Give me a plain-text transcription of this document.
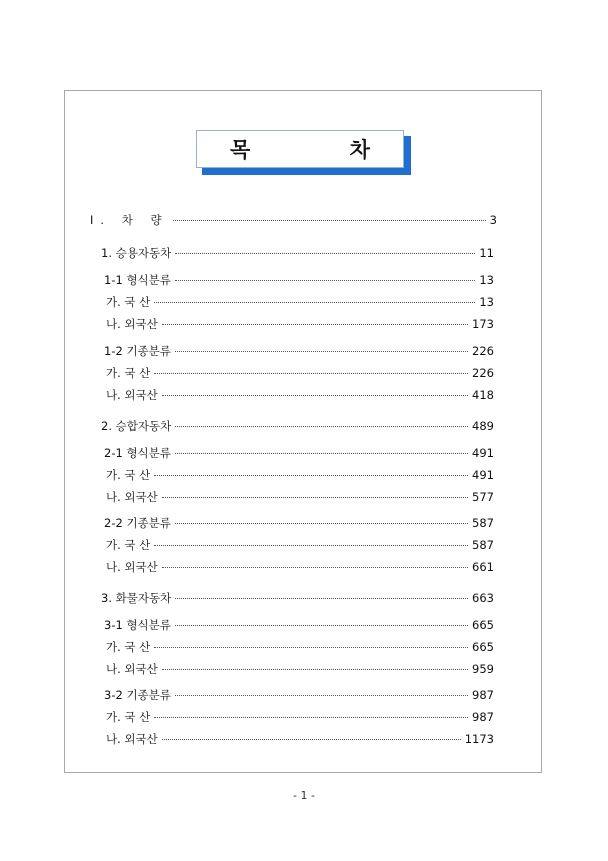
목 차
Ⅰ. 차 량	3
1. 승용자동차	11
1-1 형식분류	13
가. 국 산	13
나. 외국산	173
1-2 기종분류	226
가. 국 산	226
나. 외국산	418
2. 승합자동차	489
2-1 형식분류	491
가. 국 산	491
나. 외국산	577
2-2 기종분류	587
가. 국 산	587
나. 외국산	661
3. 화물자동차	663
3-1 형식분류	665
가. 국 산	665
나. 외국산	959
3-2 기종분류	987
가. 국 산	987
나. 외국산	1173
- 1 -
